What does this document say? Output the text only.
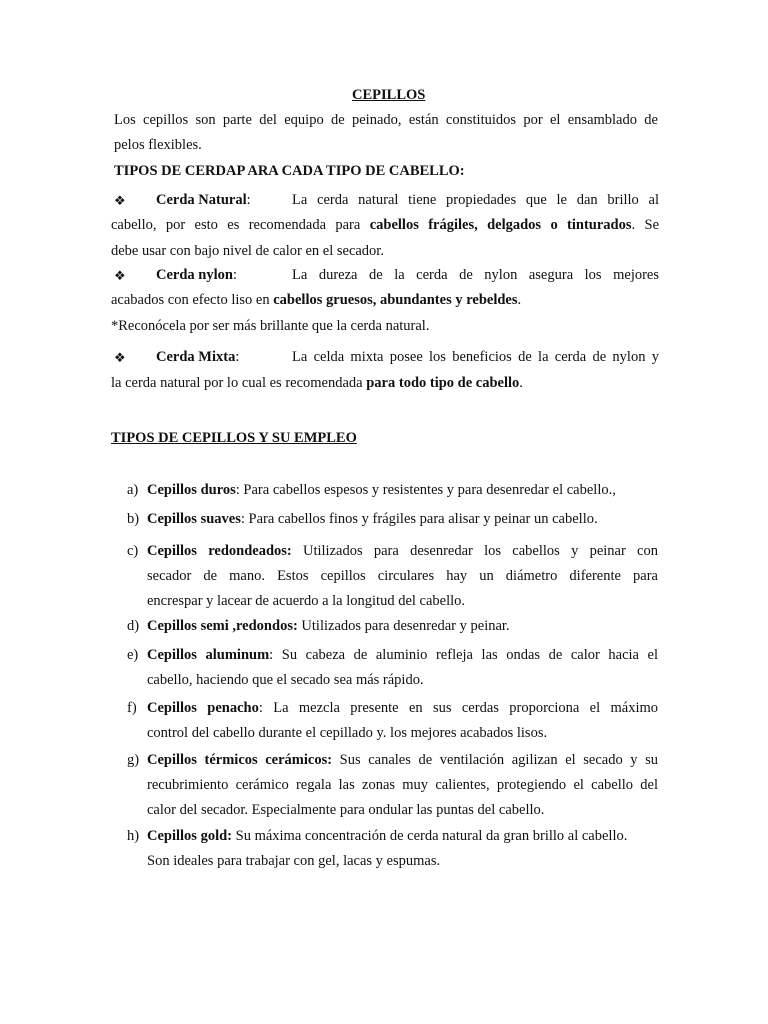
CEPILLOS
Los cepillos son parte del equipo de peinado, están constituidos por el ensamblado de
pelos flexibles.
TIPOS DE CERDAP ARA CADA TIPO DE CABELLO:
❖	Cerda Natural:	La cerda natural tiene propiedades que le dan brillo al
cabello, por esto es recomendada para cabellos frágiles, delgados o tinturados. Se
debe usar con bajo nivel de calor en el secador.
❖	Cerda nylon:	La dureza de la cerda de nylon asegura los mejores
acabados con efecto liso en cabellos gruesos, abundantes y rebeldes.
*Reconócela por ser más brillante que la cerda natural.
❖	Cerda Mixta:	La celda mixta posee los beneficios de la cerda de nylon y
la cerda natural por lo cual es recomendada para todo tipo de cabello.
TIPOS DE CEPILLOS Y SU EMPLEO
a) Cepillos duros: Para cabellos espesos y resistentes y para desenredar el cabello.,
b) Cepillos suaves: Para cabellos finos y frágiles para alisar y peinar un cabello.
c) Cepillos redondeados: Utilizados para desenredar los cabellos y peinar con
secador de mano. Estos cepillos circulares hay un diámetro diferente para
encrespar y lacear de acuerdo a la longitud del cabello.
d) Cepillos semi ,redondos: Utilizados para desenredar y peinar.
e) Cepillos aluminum: Su cabeza de aluminio refleja las ondas de calor hacia el
cabello, haciendo que el secado sea más rápido.
f) Cepillos penacho: La mezcla presente en sus cerdas proporciona el máximo
control del cabello durante el cepillado y. los mejores acabados lisos.
g) Cepillos térmicos cerámicos: Sus canales de ventilación agilizan el secado y su
recubrimiento cerámico regala las zonas muy calientes, protegiendo el cabello del
calor del secador. Especialmente para ondular las puntas del cabello.
h) Cepillos gold: Su máxima concentración de cerda natural da gran brillo al cabello.
Son ideales para trabajar con gel, lacas y espumas.
